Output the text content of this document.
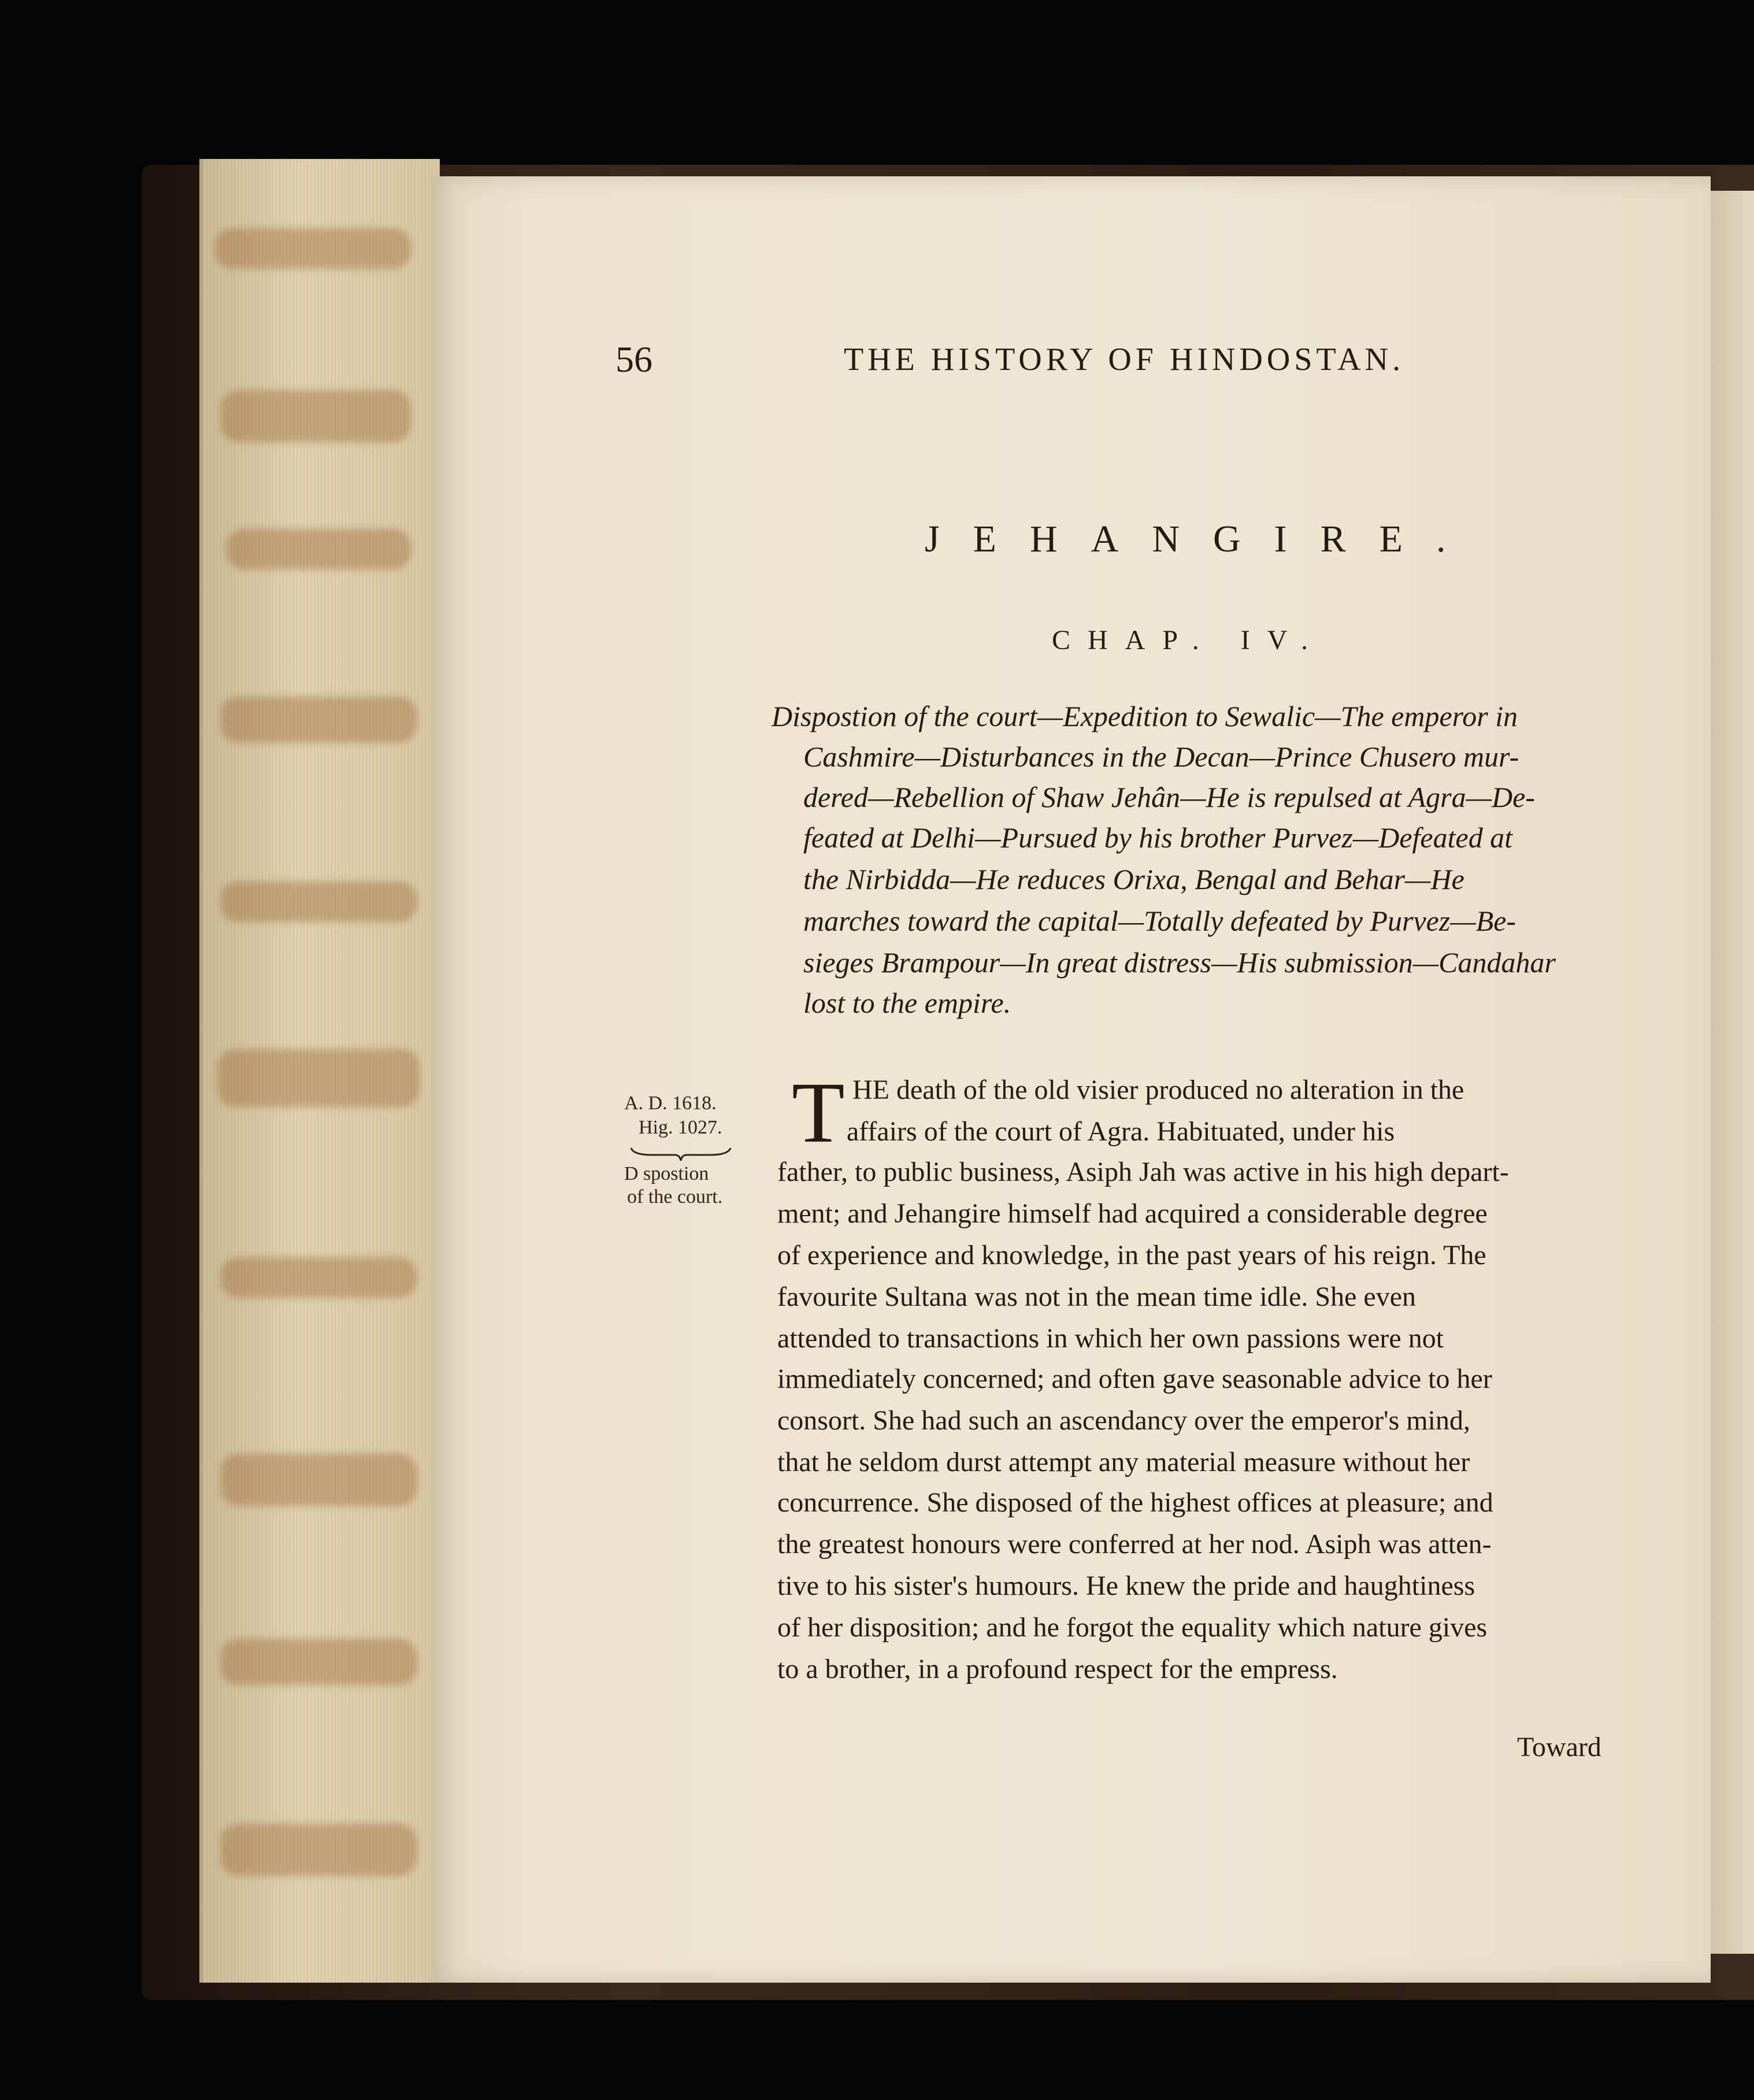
56	THE HISTORY OF HINDOSTAN.
JEHANGIRE.
CHAP. IV.
Dispostion of the court—Expedition to Sewalic—The emperor in
Cashmire—Disturbances in the Decan—Prince Chusero mur-
dered—Rebellion of Shaw Jehân—He is repulsed at Agra—De-
feated at Delhi—Pursued by his brother Purvez—Defeated at
the Nirbidda—He reduces Orixa, Bengal and Behar—He
marches toward the capital—Totally defeated by Purvez—Be-
sieges Brampour—In great distress—His submission—Candahar
lost to the empire.
A. D. 1618.
Hig. 1027.
D spostion
of the court.
T HE death of the old visier produced no alteration in the
affairs of the court of Agra. Habituated, under his
father, to public business, Asiph Jah was active in his high depart-
ment; and Jehangire himself had acquired a considerable degree
of experience and knowledge, in the past years of his reign. The
favourite Sultana was not in the mean time idle. She even
attended to transactions in which her own passions were not
immediately concerned; and often gave seasonable advice to her
consort. She had such an ascendancy over the emperor's mind,
that he seldom durst attempt any material measure without her
concurrence. She disposed of the highest offices at pleasure; and
the greatest honours were conferred at her nod. Asiph was atten-
tive to his sister's humours. He knew the pride and haughtiness
of her disposition; and he forgot the equality which nature gives
to a brother, in a profound respect for the empress.
Toward
